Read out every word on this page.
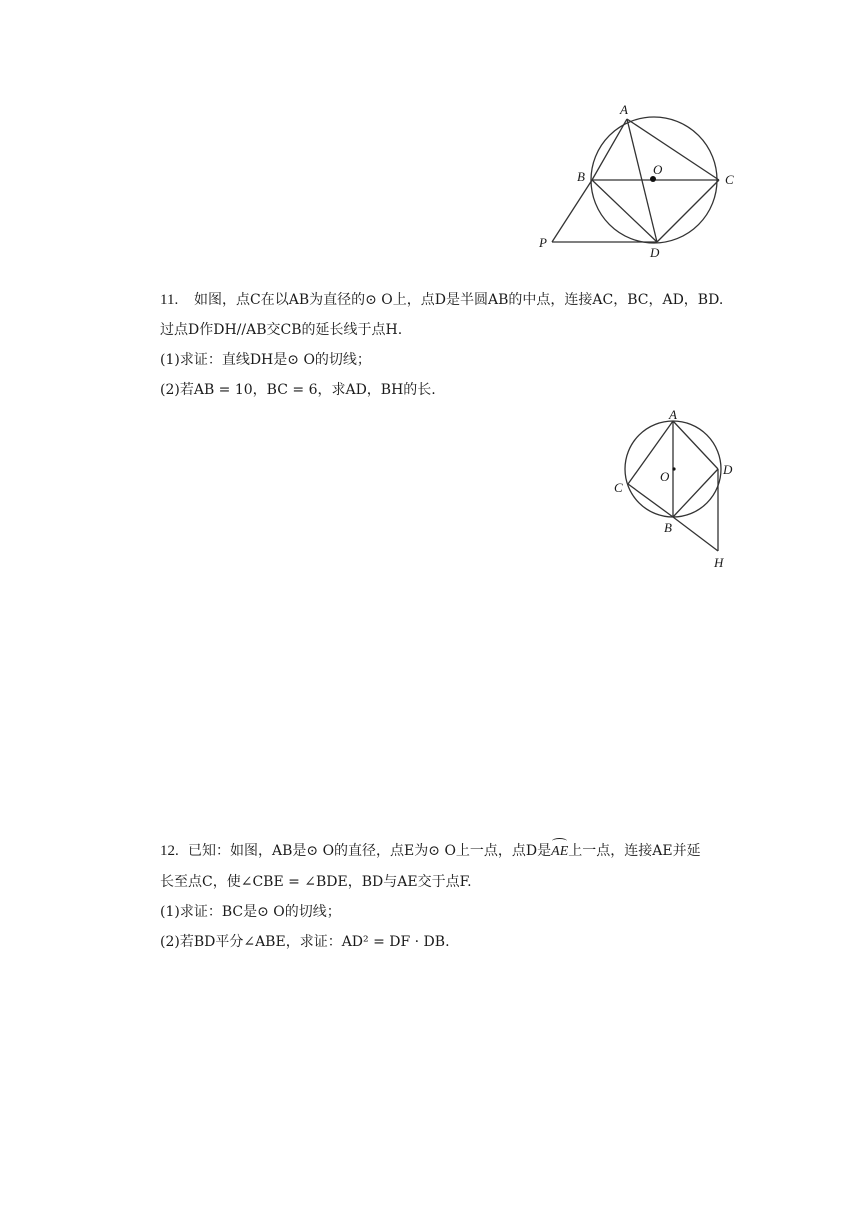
A
B	C
D
O
P

11. 如图，点C在以AB为直径的⊙ O上，点D是半圆AB的中点，连接AC，BC，AD，BD.

过点D作DH//AB交CB的延长线于点H.

(1)求证：直线DH是⊙ O的切线；

(2)若AB = 10，BC = 6，求AD，BH的长.

A
C
D
O
B
H

12. 已知：如图，AB是⊙ O的直径，点E为⊙ O上一点，点D是AE上一点，连接AE并延

长至点C，使∠CBE = ∠BDE，BD与AE交于点F.

(1)求证：BC是⊙ O的切线；

(2)若BD平分∠ABE，求证：AD² = DF · DB.
